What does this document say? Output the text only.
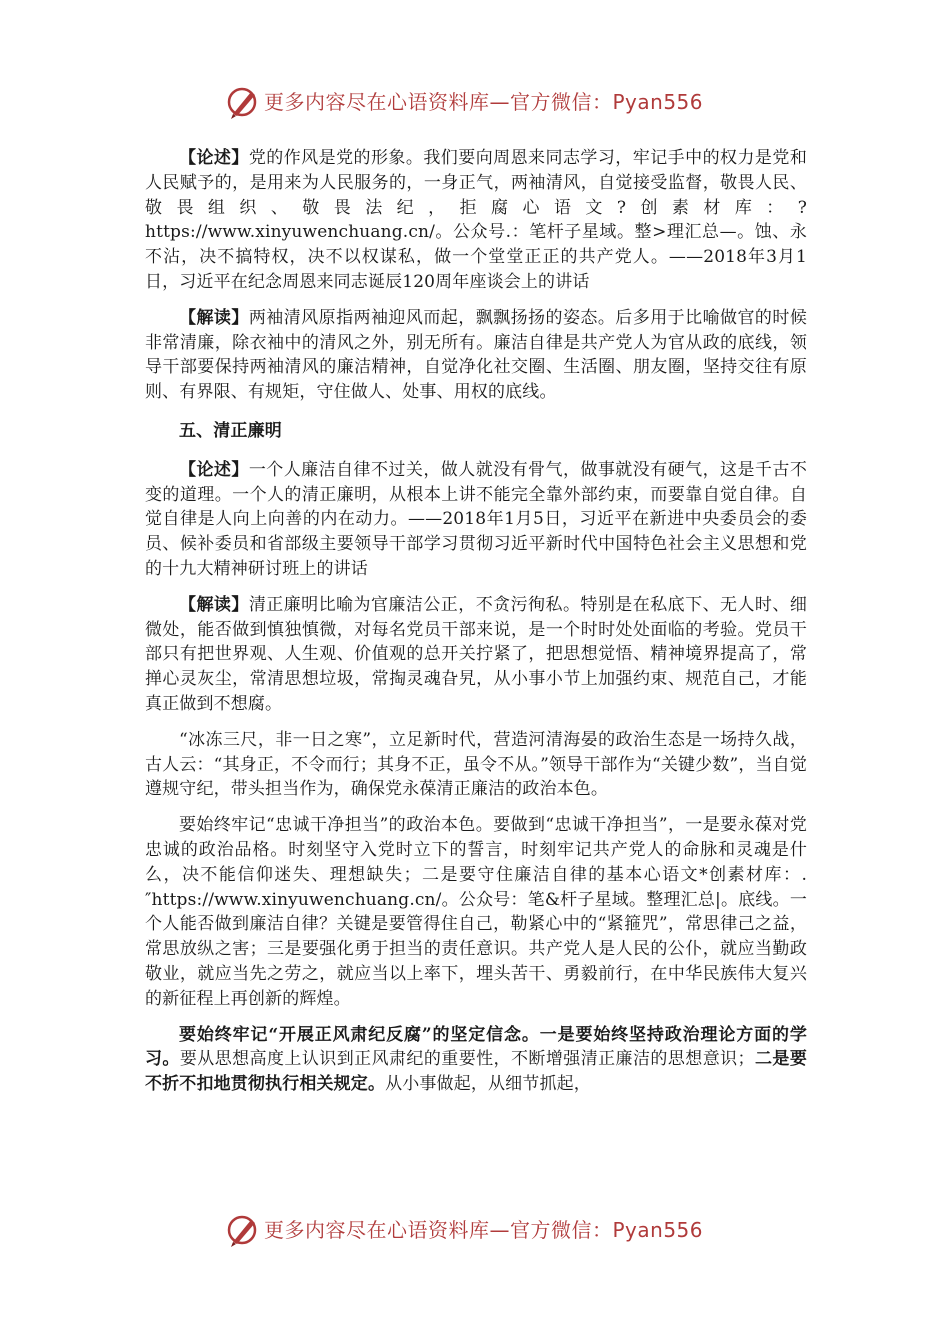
更多内容尽在心语资料库—官方微信：Pyan556

【论述】党的作风是党的形象。我们要向周恩来同志学习，牢记手中的权力是党和人民赋予的，是用来为人民服务的，一身正气，两袖清风，自觉接受监督，敬畏人民、敬畏组织、敬畏法纪，拒腐心语文?创素材库：?https://www.xinyuwenchuang.cn/。公众号.：笔杆子星域。整>理汇总—。蚀、永不沾，决不搞特权，决不以权谋私，做一个堂堂正正的共产党人。——2018年3月1日，习近平在纪念周恩来同志诞辰120周年座谈会上的讲话

【解读】两袖清风原指两袖迎风而起，飘飘扬扬的姿态。后多用于比喻做官的时候非常清廉，除衣袖中的清风之外，别无所有。廉洁自律是共产党人为官从政的底线，领导干部要保持两袖清风的廉洁精神，自觉净化社交圈、生活圈、朋友圈，坚持交往有原则、有界限、有规矩，守住做人、处事、用权的底线。

五、清正廉明

【论述】一个人廉洁自律不过关，做人就没有骨气，做事就没有硬气，这是千古不变的道理。一个人的清正廉明，从根本上讲不能完全靠外部约束，而要靠自觉自律。自觉自律是人向上向善的内在动力。——2018年1月5日，习近平在新进中央委员会的委员、候补委员和省部级主要领导干部学习贯彻习近平新时代中国特色社会主义思想和党的十九大精神研讨班上的讲话

【解读】清正廉明比喻为官廉洁公正，不贪污徇私。特别是在私底下、无人时、细微处，能否做到慎独慎微，对每名党员干部来说，是一个时时处处面临的考验。党员干部只有把世界观、人生观、价值观的总开关拧紧了，把思想觉悟、精神境界提高了，常掸心灵灰尘，常清思想垃圾，常掏灵魂旮旯，从小事小节上加强约束、规范自己，才能真正做到不想腐。

“冰冻三尺，非一日之寒”，立足新时代，营造河清海晏的政治生态是一场持久战，古人云：“其身正，不令而行；其身不正，虽令不从。”领导干部作为“关键少数”，当自觉遵规守纪，带头担当作为，确保党永葆清正廉洁的政治本色。

要始终牢记“忠诚干净担当”的政治本色。要做到“忠诚干净担当”，一是要永葆对党忠诚的政治品格。时刻坚守入党时立下的誓言，时刻牢记共产党人的命脉和灵魂是什么，决不能信仰迷失、理想缺失；二是要守住廉洁自律的基本心语文*创素材库：.″https://www.xinyuwenchuang.cn/。公众号：笔&杆子星域。整理汇总|。底线。一个人能否做到廉洁自律？关键是要管得住自己，勒紧心中的“紧箍咒”，常思律己之益，常思放纵之害；三是要强化勇于担当的责任意识。共产党人是人民的公仆，就应当勤政敬业，就应当先之劳之，就应当以上率下，埋头苦干、勇毅前行，在中华民族伟大复兴的新征程上再创新的辉煌。

要始终牢记“开展正风肃纪反腐”的坚定信念。一是要始终坚持政治理论方面的学习。要从思想高度上认识到正风肃纪的重要性，不断增强清正廉洁的思想意识；二是要不折不扣地贯彻执行相关规定。从小事做起，从细节抓起，

更多内容尽在心语资料库—官方微信：Pyan556
